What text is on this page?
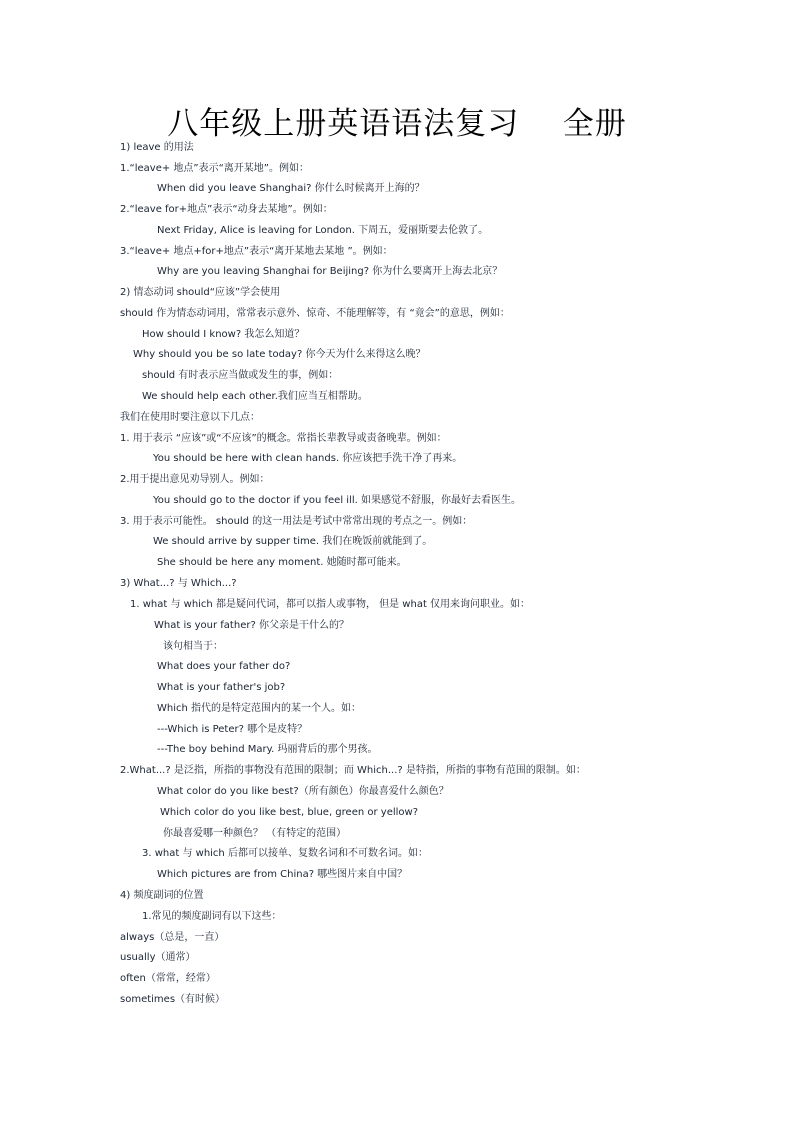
八年级上册英语语法复习    全册
1) leave 的用法
1.“leave+ 地点”表示“离开某地”。例如：
When did you leave Shanghai? 你什么时候离开上海的？
2.“leave for+地点”表示“动身去某地”。例如：
Next Friday, Alice is leaving for London. 下周五，爱丽斯要去伦敦了。
3.“leave+ 地点+for+地点”表示“离开某地去某地 ”。例如：
Why are you leaving Shanghai for Beijing? 你为什么要离开上海去北京？
2) 情态动词 should“应该”学会使用
should 作为情态动词用，常常表示意外、惊奇、不能理解等，有 “竟会”的意思，例如：
How should I know? 我怎么知道？
Why should you be so late today? 你今天为什么来得这么晚？
should 有时表示应当做或发生的事，例如：
We should help each other.我们应当互相帮助。
我们在使用时要注意以下几点：
1. 用于表示 “应该”或“不应该”的概念。常指长辈教导或责备晚辈。例如：
You should be here with clean hands. 你应该把手洗干净了再来。
2.用于提出意见劝导别人。例如：
You should go to the doctor if you feel ill. 如果感觉不舒服，你最好去看医生。
3. 用于表示可能性。 should 的这一用法是考试中常常出现的考点之一。例如：
We should arrive by supper time. 我们在晚饭前就能到了。
She should be here any moment. 她随时都可能来。
3) What...? 与 Which...?
1. what 与 which 都是疑问代词，都可以指人或事物， 但是 what 仅用来询问职业。如：
What is your father? 你父亲是干什么的？
该句相当于：
What does your father do?
What is your father's job?
Which 指代的是特定范围内的某一个人。如：
---Which is Peter? 哪个是皮特？
---The boy behind Mary. 玛丽背后的那个男孩。
2.What...? 是泛指，所指的事物没有范围的限制；而 Which...? 是特指，所指的事物有范围的限制。如：
What color do you like best?（所有颜色）你最喜爱什么颜色？
Which color do you like best, blue, green or yellow?
你最喜爱哪一种颜色？ （有特定的范围）
3. what 与 which 后都可以接单、复数名词和不可数名词。如：
Which pictures are from China? 哪些图片来自中国？
4) 频度副词的位置
1.常见的频度副词有以下这些：
always（总是，一直）
usually（通常）
often（常常，经常）
sometimes（有时候）
